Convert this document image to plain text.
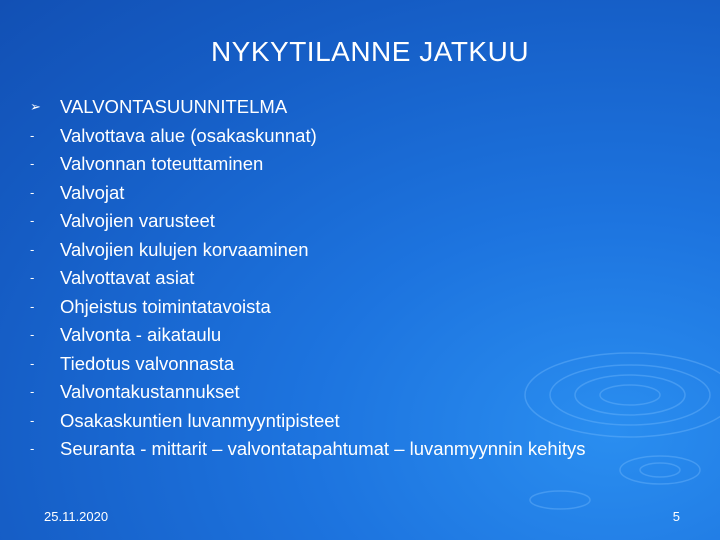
NYKYTILANNE JATKUU
➢	VALVONTASUUNNITELMA
-	Valvottava alue (osakaskunnat)
-	Valvonnan toteuttaminen
-	Valvojat
-	Valvojien varusteet
-	Valvojien kulujen korvaaminen
-	Valvottavat asiat
-	Ohjeistus toimintatavoista
-	Valvonta - aikataulu
-	Tiedotus valvonnasta
-	Valvontakustannukset
-	Osakaskuntien luvanmyyntipisteet
-	Seuranta - mittarit – valvontatapahtumat – luvanmyynnin kehitys
25.11.2020	5
